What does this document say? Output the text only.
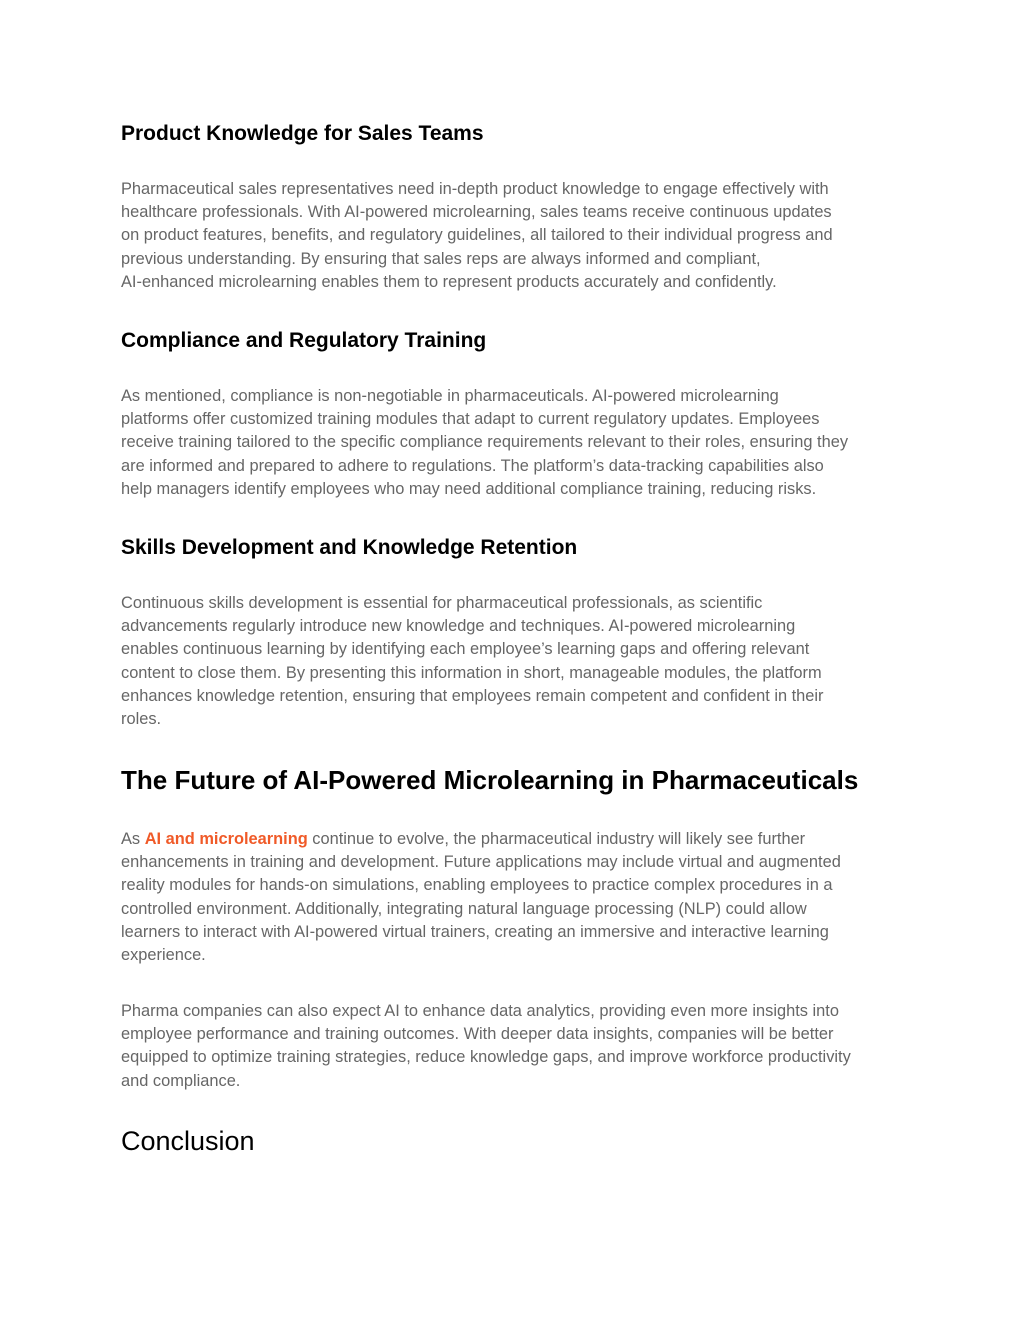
Product Knowledge for Sales Teams

Pharmaceutical sales representatives need in-depth product knowledge to engage effectively with
healthcare professionals. With AI-powered microlearning, sales teams receive continuous updates
on product features, benefits, and regulatory guidelines, all tailored to their individual progress and
previous understanding. By ensuring that sales reps are always informed and compliant,
AI-enhanced microlearning enables them to represent products accurately and confidently.

Compliance and Regulatory Training

As mentioned, compliance is non-negotiable in pharmaceuticals. AI-powered microlearning
platforms offer customized training modules that adapt to current regulatory updates. Employees
receive training tailored to the specific compliance requirements relevant to their roles, ensuring they
are informed and prepared to adhere to regulations. The platform’s data-tracking capabilities also
help managers identify employees who may need additional compliance training, reducing risks.

Skills Development and Knowledge Retention

Continuous skills development is essential for pharmaceutical professionals, as scientific
advancements regularly introduce new knowledge and techniques. AI-powered microlearning
enables continuous learning by identifying each employee’s learning gaps and offering relevant
content to close them. By presenting this information in short, manageable modules, the platform
enhances knowledge retention, ensuring that employees remain competent and confident in their
roles.

The Future of AI-Powered Microlearning in Pharmaceuticals

As AI and microlearning continue to evolve, the pharmaceutical industry will likely see further
enhancements in training and development. Future applications may include virtual and augmented
reality modules for hands-on simulations, enabling employees to practice complex procedures in a
controlled environment. Additionally, integrating natural language processing (NLP) could allow
learners to interact with AI-powered virtual trainers, creating an immersive and interactive learning
experience.

Pharma companies can also expect AI to enhance data analytics, providing even more insights into
employee performance and training outcomes. With deeper data insights, companies will be better
equipped to optimize training strategies, reduce knowledge gaps, and improve workforce productivity
and compliance.

Conclusion
